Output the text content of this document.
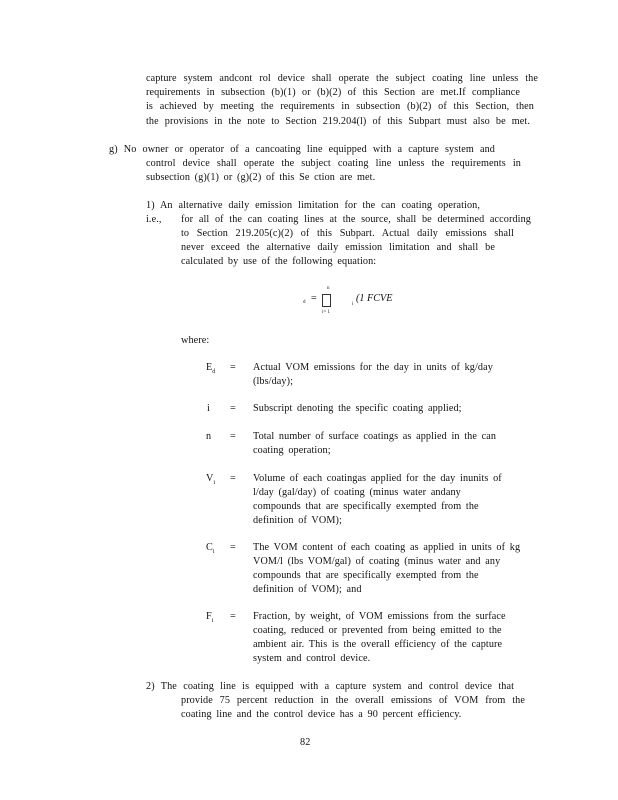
capture system andcont rol device shall operate the subject coating line unless the
requirements in subsection (b)(1) or (b)(2) of this Section are met.If compliance
is achieved by meeting the requirements in subsection (b)(2) of this Section, then
the provisions in the note to Section 219.204(l) of this Subpart must also be met.
g) No owner or operator of a cancoating line equipped with a capture system and
control device shall operate the subject coating line unless the requirements in
subsection (g)(1) or (g)(2) of this Se ction are met.
1) An alternative daily emission limitation for the can coating operation, i.e.,	for all of the can coating lines at the source, shall be determined according
to Section 219.205(c)(2) of this Subpart. Actual daily emissions shall
never exceed the alternative daily emission limitation and shall be
calculated by use of the following equation:
n
d =
i= 1
i
(1 FCVE
where:
$E_d$ = Actual VOM emissions for the day in units of kg/day
(lbs/day);
i = Subscript denoting the specific coating applied;
n = Total number of surface coatings as applied in the can
coating operation;
$V_i$ = Volume of each coatingas applied for the day inunits of
l/day (gal/day) of coating (minus water andany
compounds that are specifically exempted from the
definition of VOM);
$C_i$ = The VOM content of each coating as applied in units of kg
VOM/l (lbs VOM/gal) of coating (minus water and any
compounds that are specifically exempted from the
definition of VOM); and
$F_i$ = Fraction, by weight, of VOM emissions from the surface
coating, reduced or prevented from being emitted to the
ambient air. This is the overall efficiency of the capture
system and control device.
2) The coating line is equipped with a capture system and control device that
provide 75 percent reduction in the overall emissions of VOM from the
coating line and the control device has a 90 percent efficiency.
82
